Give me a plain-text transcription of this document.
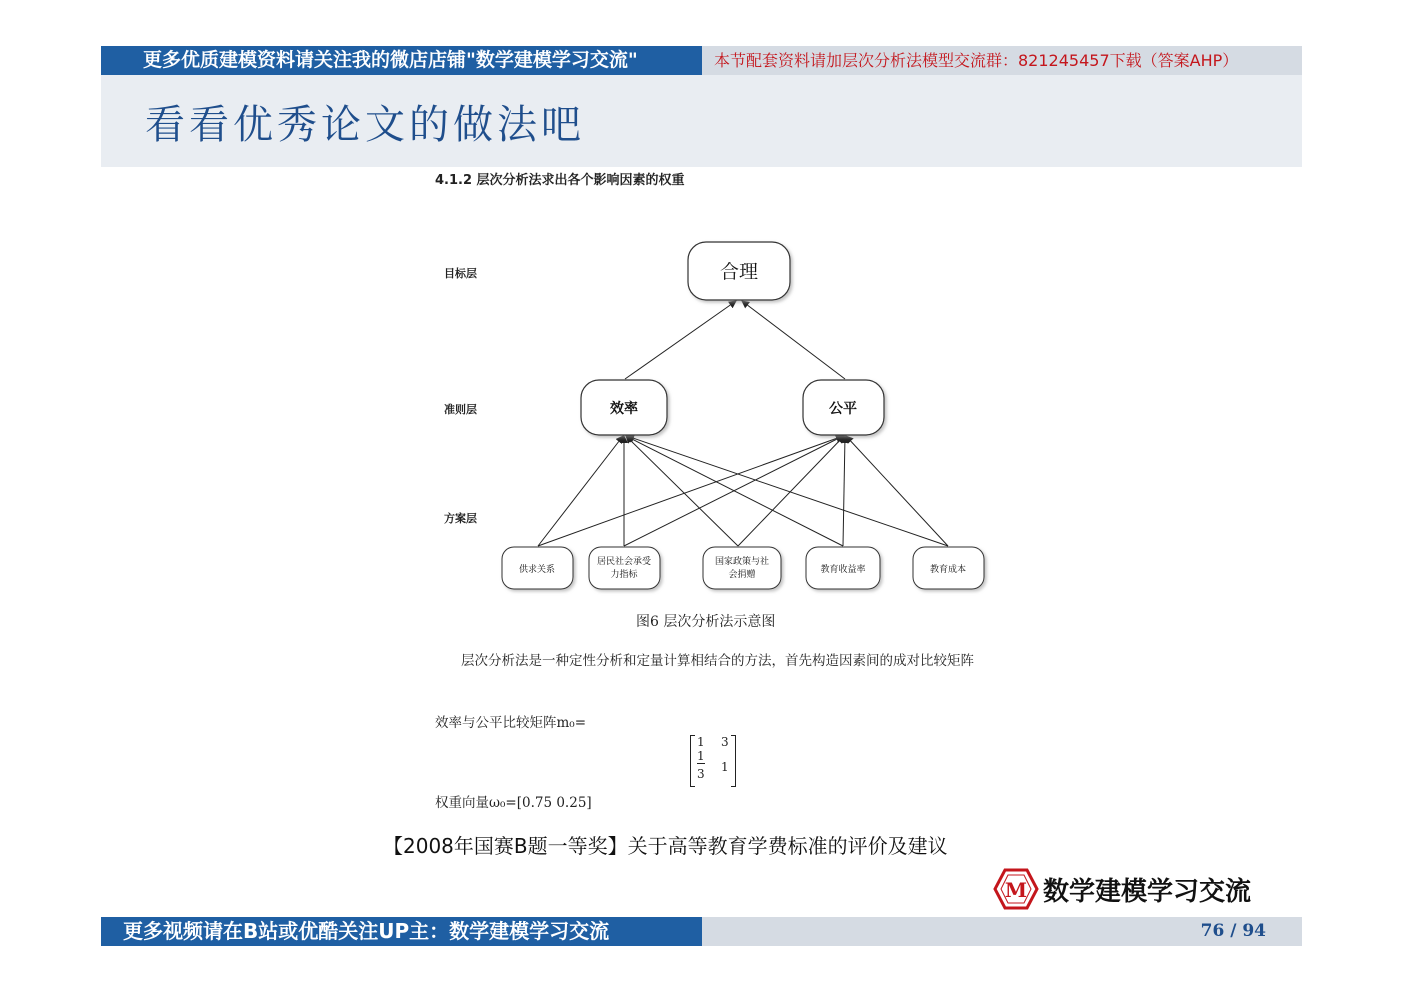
更多优质建模资料请关注我的微店店铺"数学建模学习交流"	本节配套资料请加层次分析法模型交流群：821245457下载（答案AHP）
看看优秀论文的做法吧
4.1.2 层次分析法求出各个影响因素的权重
目标层
准则层
方案层
合理
效率	公平
供求关系
居民社会承受
力指标
国家政策与社
会捐赠	教育收益率	教育成本
图6 层次分析法示意图
层次分析法是一种定性分析和定量计算相结合的方法，首先构造因素间的成对比较矩阵
效率与公平比较矩阵m₀=
1 3
1
3 1
权重向量ω₀=[0.75 0.25]
【2008年国赛B题一等奖】关于高等教育学费标准的评价及建议
M 数学建模学习交流
更多视频请在B站或优酷关注UP主：数学建模学习交流	76 / 94
